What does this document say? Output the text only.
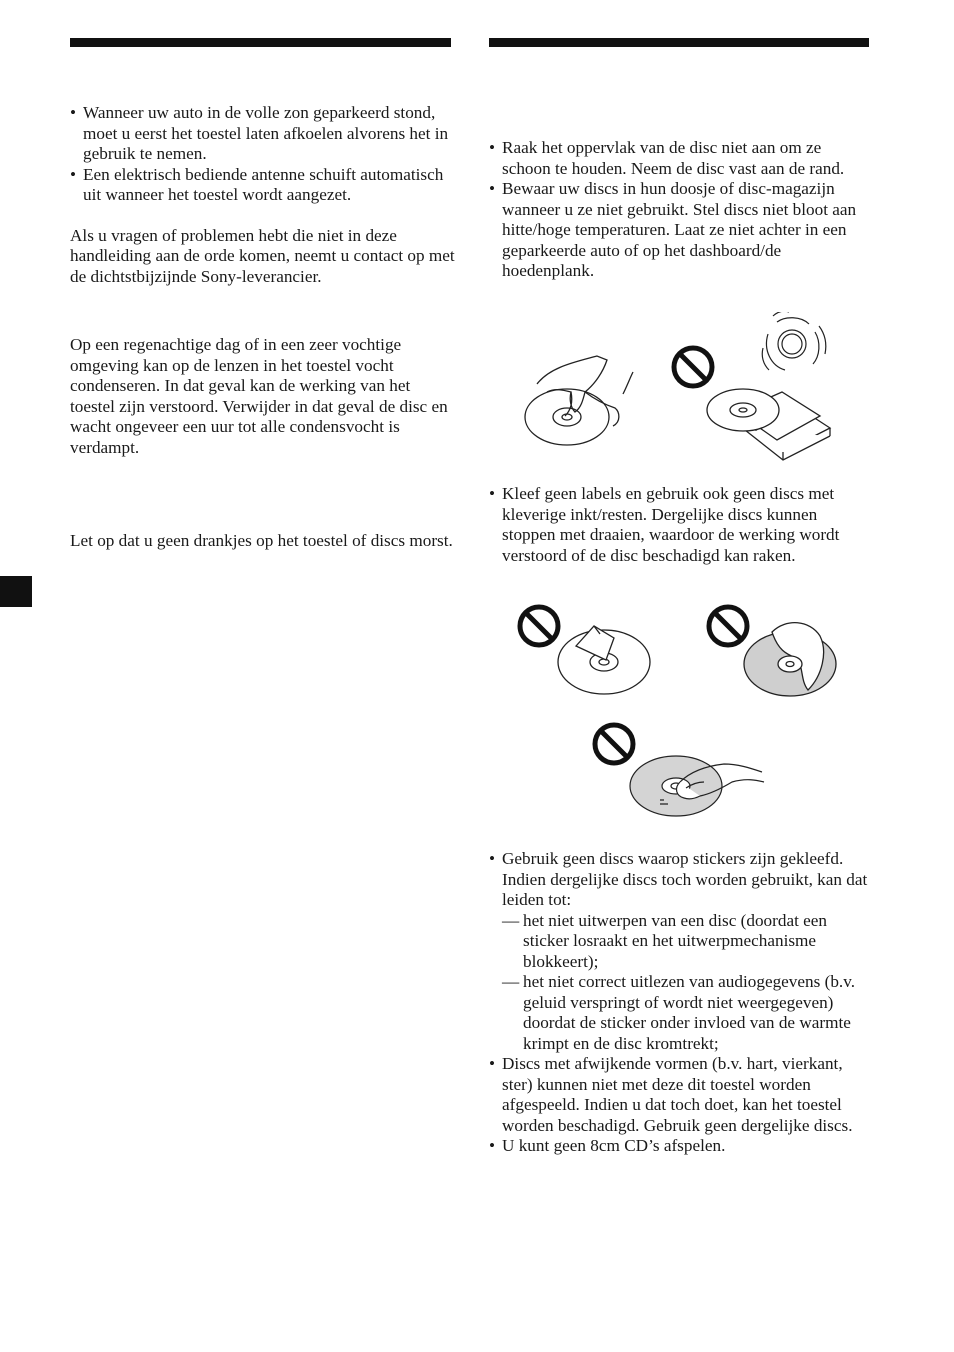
• Wanneer uw auto in de volle zon geparkeerd stond, moet u eerst het toestel laten afkoelen alvorens het in gebruik te nemen.
• Een elektrisch bediende antenne schuift automatisch uit wanneer het toestel wordt aangezet.

Als u vragen of problemen hebt die niet in deze handleiding aan de orde komen, neemt u contact op met de dichtstbijzijnde Sony-leverancier.

Op een regenachtige dag of in een zeer vochtige omgeving kan op de lenzen in het toestel vocht condenseren. In dat geval kan de werking van het toestel zijn verstoord. Verwijder in dat geval de disc en wacht ongeveer een uur tot alle condensvocht is verdampt.

Let op dat u geen drankjes op het toestel of discs morst.

• Raak het oppervlak van de disc niet aan om ze schoon te houden. Neem de disc vast aan de rand.
• Bewaar uw discs in hun doosje of disc-magazijn wanneer u ze niet gebruikt. Stel discs niet bloot aan hitte/hoge temperaturen. Laat ze niet achter in een geparkeerde auto of op het dashboard/de hoedenplank.
• Kleef geen labels en gebruik ook geen discs met kleverige inkt/resten. Dergelijke discs kunnen stoppen met draaien, waardoor de werking wordt verstoord of de disc beschadigd kan raken.
• Gebruik geen discs waarop stickers zijn gekleefd.
Indien dergelijke discs toch worden gebruikt, kan dat leiden tot:
— het niet uitwerpen van een disc (doordat een sticker losraakt en het uitwerpmechanisme blokkeert);
— het niet correct uitlezen van audiogegevens (b.v. geluid verspringt of wordt niet weergegeven) doordat de sticker onder invloed van de warmte krimpt en de disc kromtrekt;
• Discs met afwijkende vormen (b.v. hart, vierkant, ster) kunnen niet met deze dit toestel worden afgespeeld. Indien u dat toch doet, kan het toestel worden beschadigd. Gebruik geen dergelijke discs.
• U kunt geen 8cm CD’s afspelen.
